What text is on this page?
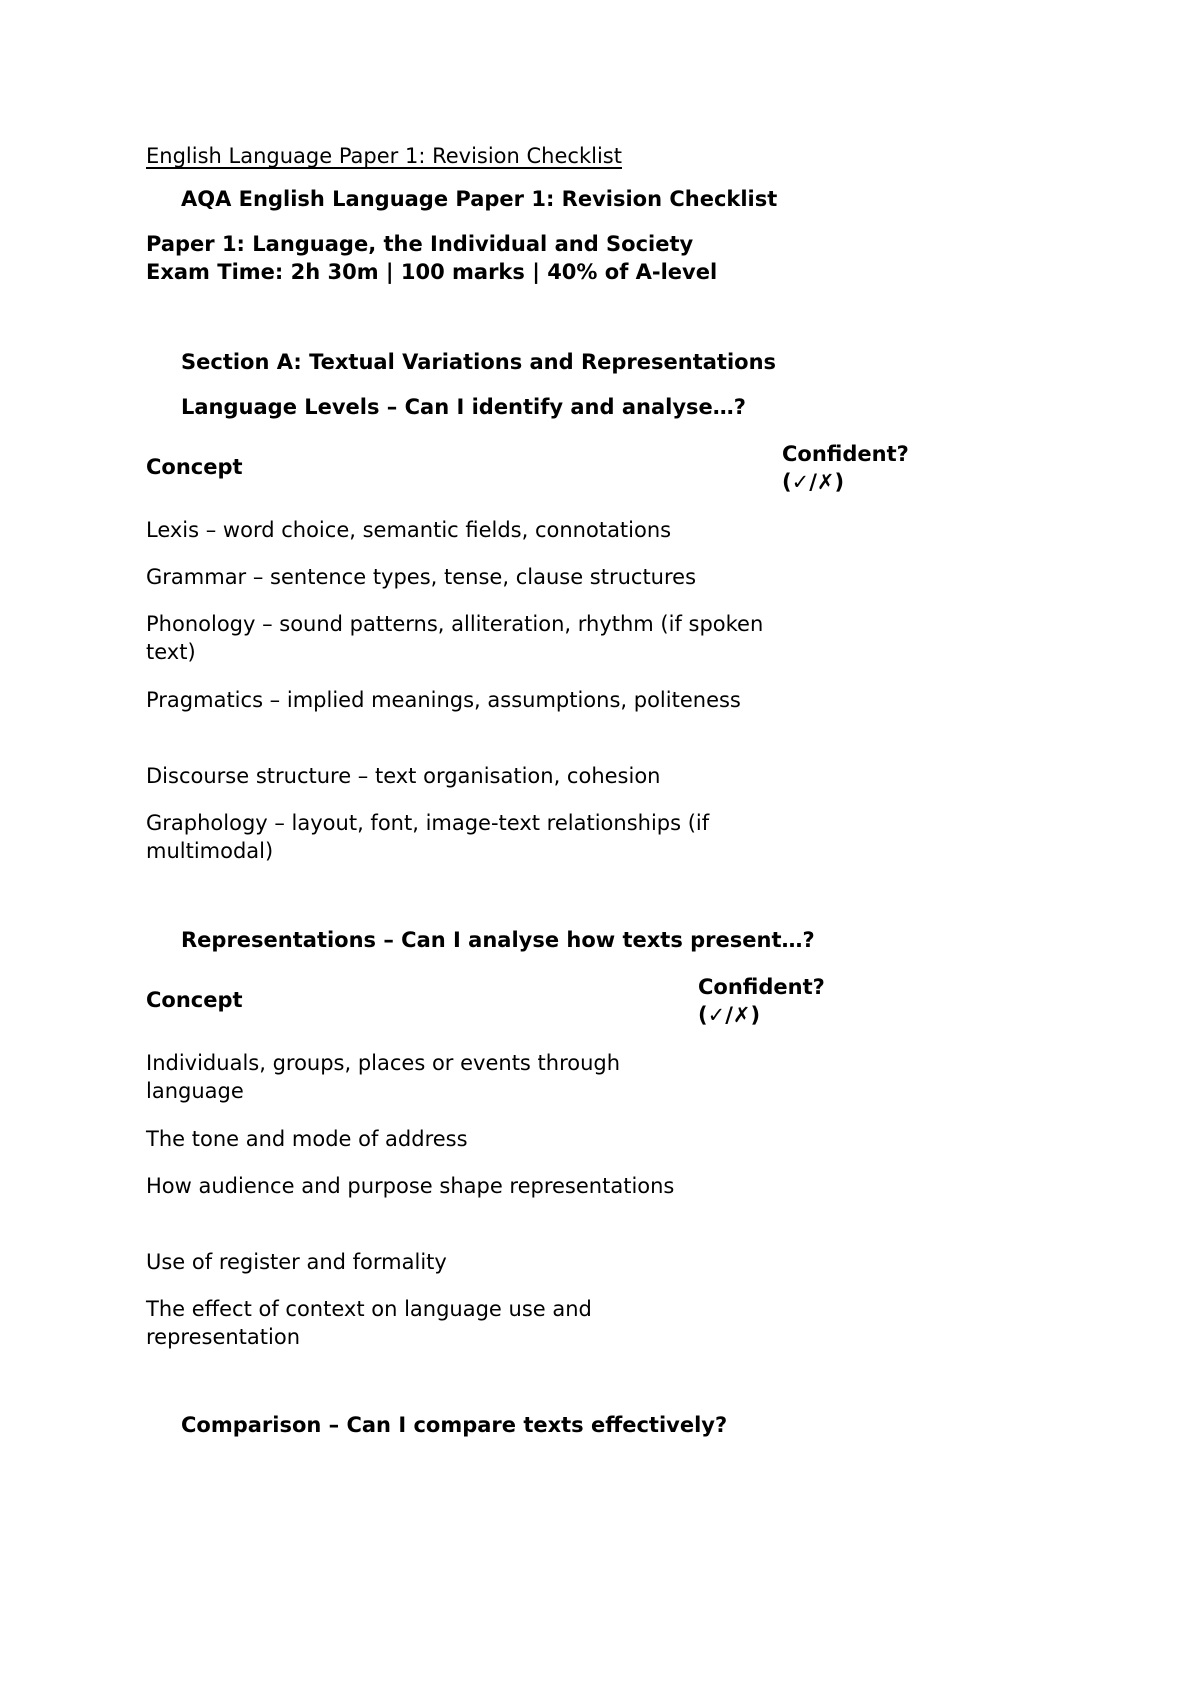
English Language Paper 1: Revision Checklist
AQA English Language Paper 1: Revision Checklist
Paper 1: Language, the Individual and Society
Exam Time: 2h 30m | 100 marks | 40% of A-level
Section A: Textual Variations and Representations
Language Levels – Can I identify and analyse…?
Concept
Confident? (✓/✗)
Lexis – word choice, semantic fields, connotations
Grammar – sentence types, tense, clause structures
Phonology – sound patterns, alliteration, rhythm (if spoken text)
Pragmatics – implied meanings, assumptions, politeness
Discourse structure – text organisation, cohesion
Graphology – layout, font, image-text relationships (if multimodal)
Representations – Can I analyse how texts present…?
Concept
Confident? (✓/✗)
Individuals, groups, places or events through language
The tone and mode of address
How audience and purpose shape representations
Use of register and formality
The effect of context on language use and representation
Comparison – Can I compare texts effectively?
